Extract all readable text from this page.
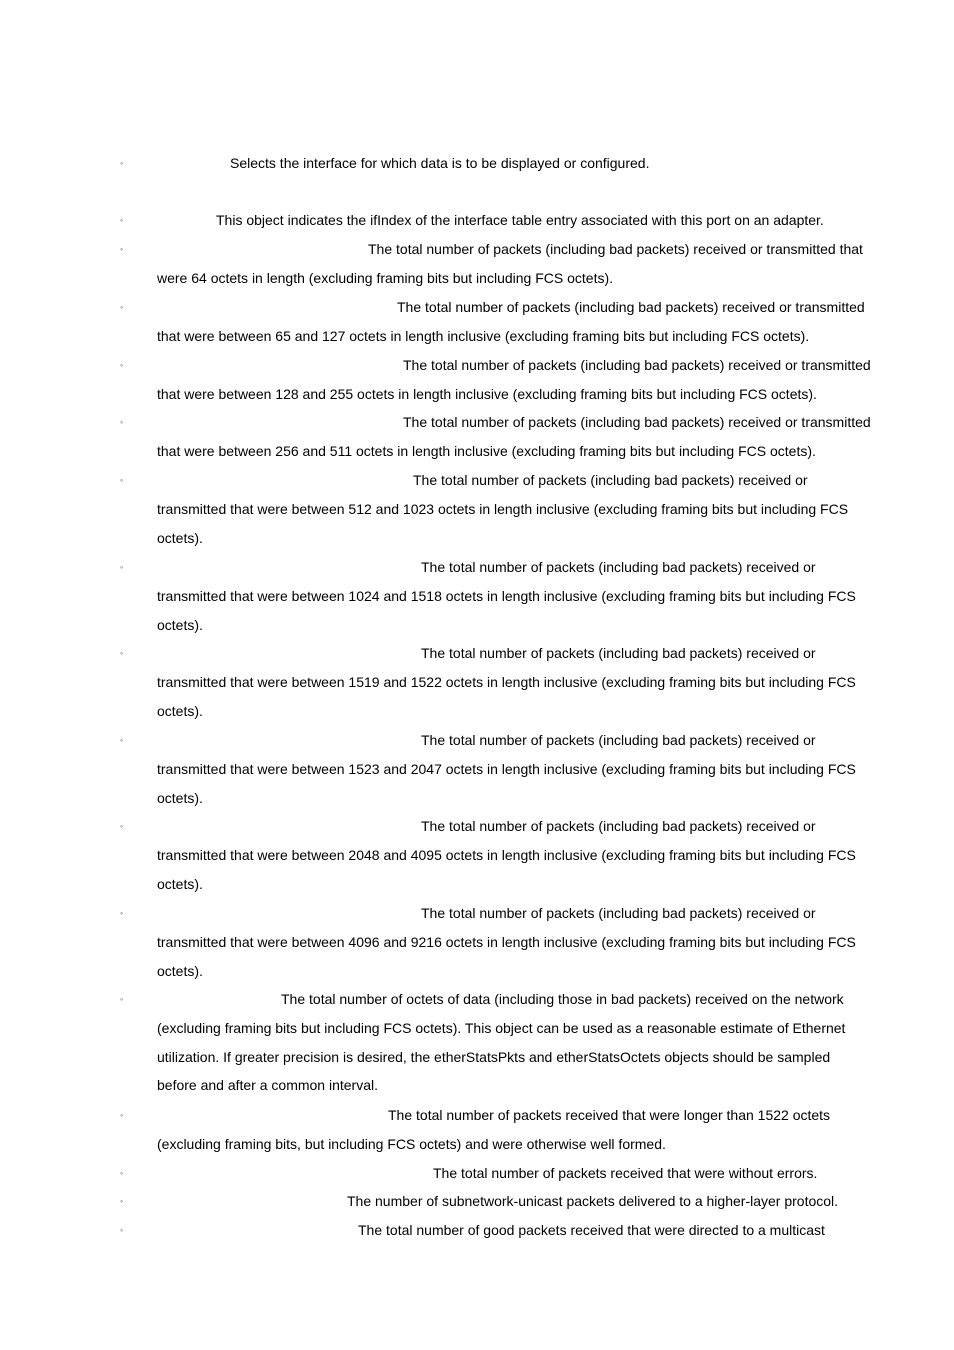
◦	Selects the interface for which data is to be displayed or configured.
◦	This object indicates the ifIndex of the interface table entry associated with this port on an adapter.
◦	The total number of packets (including bad packets) received or transmitted that
were 64 octets in length (excluding framing bits but including FCS octets).
◦	The total number of packets (including bad packets) received or transmitted
that were between 65 and 127 octets in length inclusive (excluding framing bits but including FCS octets).
◦	The total number of packets (including bad packets) received or transmitted
that were between 128 and 255 octets in length inclusive (excluding framing bits but including FCS octets).
◦	The total number of packets (including bad packets) received or transmitted
that were between 256 and 511 octets in length inclusive (excluding framing bits but including FCS octets).
◦	The total number of packets (including bad packets) received or
transmitted that were between 512 and 1023 octets in length inclusive (excluding framing bits but including FCS
octets).
◦	The total number of packets (including bad packets) received or
transmitted that were between 1024 and 1518 octets in length inclusive (excluding framing bits but including FCS
octets).
◦	The total number of packets (including bad packets) received or
transmitted that were between 1519 and 1522 octets in length inclusive (excluding framing bits but including FCS
octets).
◦	The total number of packets (including bad packets) received or
transmitted that were between 1523 and 2047 octets in length inclusive (excluding framing bits but including FCS
octets).
◦	The total number of packets (including bad packets) received or
transmitted that were between 2048 and 4095 octets in length inclusive (excluding framing bits but including FCS
octets).
◦	The total number of packets (including bad packets) received or
transmitted that were between 4096 and 9216 octets in length inclusive (excluding framing bits but including FCS
octets).
◦	The total number of octets of data (including those in bad packets) received on the network
(excluding framing bits but including FCS octets). This object can be used as a reasonable estimate of Ethernet
utilization. If greater precision is desired, the etherStatsPkts and etherStatsOctets objects should be sampled
before and after a common interval.
◦	The total number of packets received that were longer than 1522 octets
(excluding framing bits, but including FCS octets) and were otherwise well formed.
◦	The total number of packets received that were without errors.
◦	The number of subnetwork-unicast packets delivered to a higher-layer protocol.
◦	The total number of good packets received that were directed to a multicast
